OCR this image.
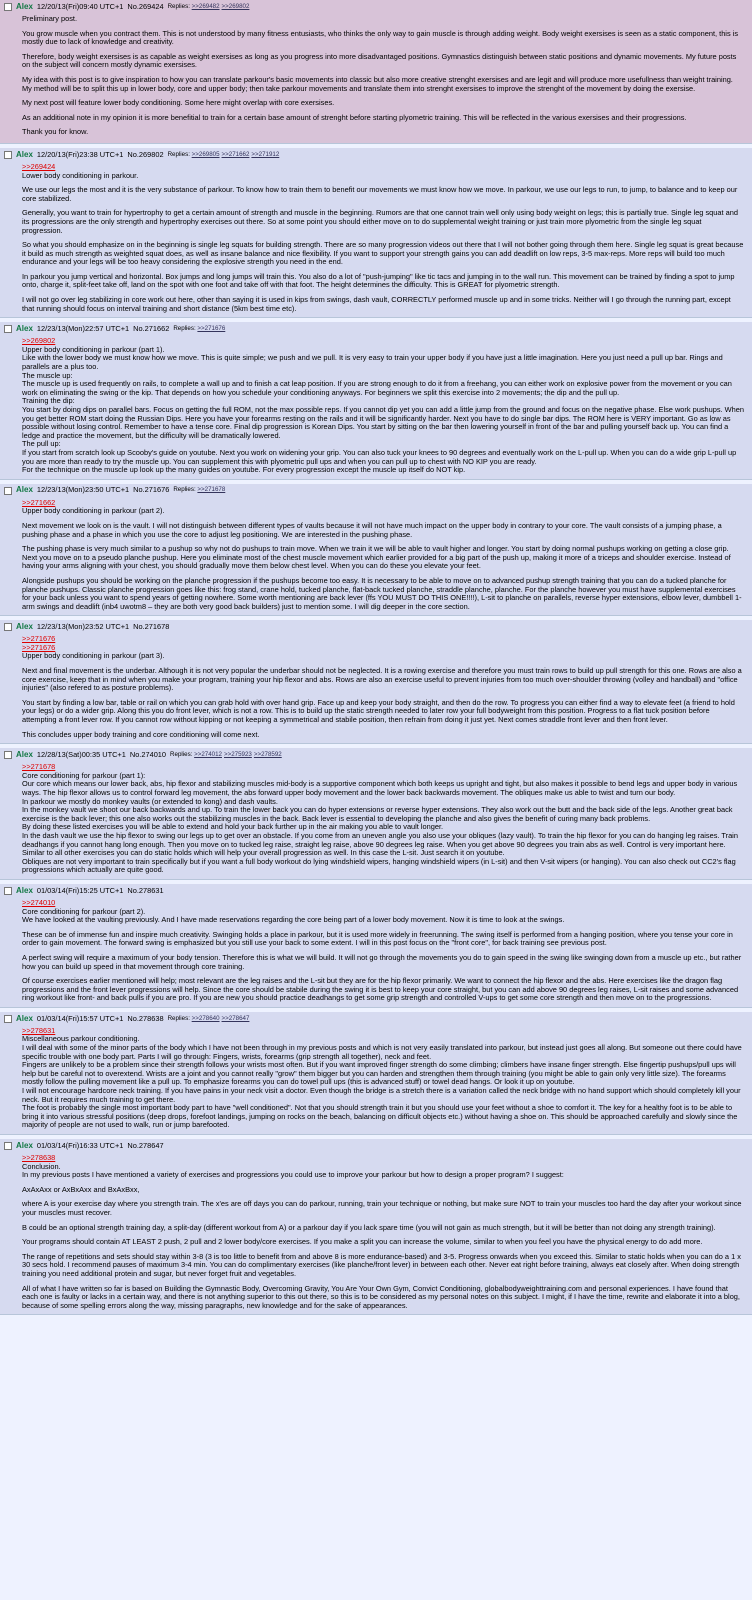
Alex 12/20/13(Fri)09:40 UTC+1 No.269424 Replies: >>269482 >>269802
Preliminary post.
You grow muscle when you contract them. This is not understood by many fitness entusiasts, who thinks the only way to gain muscle is through adding weight. Body weight exersises is seen as a static component, this is mostly due to lack of knowledge and creativity.
Therefore, body weight exersises is as capable as weight exersises as long as you progress into more disadvantaged positions. Gymnastics distinguish between static positions and dynamic movements. My future posts on the subject will concern mostly dynamic exersises.
My idea with this post is to give inspiration to how you can translate parkour's basic movements into classic but also more creative strenght exersises and are legit and will produce more usefullness than weight training. My method will be to split this up in lower body, core and upper body; then take parkour movements and translate them into strenght exersises to improve the strenght of the movement by doing the exersise.
My next post will feature lower body conditioning. Some here might overlap with core exersises.
As an additional note in my opinion it is more benefitial to train for a certain base amount of strenght before starting plyometric training. This will be reflected in the various exersises and their progressions.
Thank you for know.
Alex 12/20/13(Fri)23:38 UTC+1 No.269802 Replies: >>269805 >>271662 >>271912
>>269424
Lower body conditioning in parkour.
We use our legs the most and it is the very substance of parkour. To know how to train them to benefit our movements we must know how we move. In parkour, we use our legs to run, to jump, to balance and to keep our core stabilized.
Generally, you want to train for hypertrophy to get a certain amount of strength and muscle in the beginning. Rumors are that one cannot train well only using body weight on legs; this is partially true. Single leg squat and its progressions are the only strength and hypertrophy exercises out there. So at some point you should either move on to do supplemental weight training or just train more plyometric from the single leg squat progression.
So what you should emphasize on in the beginning is single leg squats for building strength. There are so many progression videos out there that I will not bother going through them here. Single leg squat is great because it build as much strength as weighted squat does, as well as insane balance and nice flexibility. If you want to support your strength gains you can add deadlift on low reps, 3-5 max-reps. More reps will build too much endurance and your legs will be too heavy considering the explosive strength you need in the end.
In parkour you jump vertical and horizontal. Box jumps and long jumps will train this. You also do a lot of "push-jumping" like tic tacs and jumping in to the wall run. This movement can be trained by finding a spot to jump onto, charge it, split-feet take off, land on the spot with one foot and take off with that foot. The height determines the difficulty. This is GREAT for plyometric strength.
I will not go over leg stabilizing in core work out here, other than saying it is used in kips from swings, dash vault, CORRECTLY performed muscle up and in some tricks. Neither will I go through the running part, except that running should focus on interval training and short distance (5km best time etc).
Alex 12/23/13(Mon)22:57 UTC+1 No.271662 Replies: >>271676
>>269802
Upper body conditioning in parkour (part 1).
Like with the lower body we must know how we move. This is quite simple; we push and we pull. It is very easy to train your upper body if you have just a little imagination. Here you just need a pull up bar. Rings and parallels are a plus too.
The muscle up:
The muscle up is used frequently on rails, to complete a wall up and to finish a cat leap position. If you are strong enough to do it from a freehang, you can either work on explosive power from the movement or you can work on eliminating the swing or the kip. That depends on how you schedule your conditioning anyways. For beginners we split this exercise into 2 movements; the dip and the pull up.
Training the dip:
You start by doing dips on parallel bars. Focus on getting the full ROM, not the max possible reps. If you cannot dip yet you can add a little jump from the ground and focus on the negative phase. Else work pushups. When you get better ROM start doing the Russian Dips. Here you have your forearms resting on the rails and it will be significantly harder. Next you have to do single bar dips. The ROM here is VERY important. Go as low as possible without losing control. Remember to have a tense core. Final dip progression is Korean Dips. You start by sitting on the bar then lowering yourself in front of the bar and pulling yourself back up. You can find a ledge and practice the movement, but the difficulty will be dramatically lowered.
The pull up:
If you start from scratch look up Scooby's guide on youtube. Next you work on widening your grip. You can also tuck your knees to 90 degrees and eventually work on the L-pull up. When you can do a wide grip L-pull up you are more than ready to try the muscle up. You can supplement this with plyometric pull ups and when you can pull up to chest with NO KIP you are ready.
For the technique on the muscle up look up the many guides on youtube. For every progression except the muscle up itself do NOT kip.
Alex 12/23/13(Mon)23:50 UTC+1 No.271676 Replies: >>271678
>>271662
Upper body conditioning in parkour (part 2).
Next movement we look on is the vault. I will not distinguish between different types of vaults because it will not have much impact on the upper body in contrary to your core. The vault consists of a jumping phase, a pushing phase and a phase in which you use the core to adjust leg positioning. We are interested in the pushing phase.
The pushing phase is very much similar to a pushup so why not do pushups to train move. When we train it we will be able to vault higher and longer. You start by doing normal pushups working on getting a close grip. Next you move on to a pseudo planche pushup. Here you eliminate most of the chest muscle movement which earlier provided for a big part of the push up, making it more of a triceps and shoulder exercise. Instead of having your arms aligning with your chest, you should gradually move them below chest level. When you can do these you elevate your feet.
Alongside pushups you should be working on the planche progression if the pushups become too easy. It is necessary to be able to move on to advanced pushup strength training that you can do a tucked planche for planche pushups. Classic planche progression goes like this: frog stand, crane hold, tucked planche, flat-back tucked planche, straddle planche, planche. For the planche however you must have supplemental exercises for your back unless you want to spend years of getting nowhere. Some worth mentioning are back lever (ffs YOU MUST DO THIS ONE!!!!), L-sit to planche on parallels, reverse hyper extensions, elbow lever, dumbbell 1-arm swings and deadlift (inb4 uwotm8 – they are both very good back builders) just to mention some. I will dig deeper in the core section.
Alex 12/23/13(Mon)23:52 UTC+1 No.271678
>>271676
>>271676
Upper body conditioning in parkour (part 3).
Next and final movement is the underbar. Although it is not very popular the underbar should not be neglected. It is a rowing exercise and therefore you must train rows to build up pull strength for this one. Rows are also a core exercise, keep that in mind when you make your program, training your hip flexor and abs. Rows are also an exercise useful to prevent injuries from too much over-shoulder throwing (volley and handball) and "office injuries" (also refered to as posture problems).
You start by finding a low bar, table or rail on which you can grab hold with over hand grip. Face up and keep your body straight, and then do the row. To progress you can either find a way to elevate feet (a friend to hold your legs) or do a wider grip. Along this you do front lever, which is not a row. This is to build up the static strength needed to later row your full bodyweight from this position. Progress to a flat tuck position before attempting a front lever row. If you cannot row without kipping or not keeping a symmetrical and stabile position, then refrain from doing it just yet. Next comes straddle front lever and then front lever.
This concludes upper body training and core conditioning will come next.
Alex 12/28/13(Sat)00:35 UTC+1 No.274010 Replies: >>274012 >>275923 >>278592
>>271678
Core conditioning for parkour (part 1):
Our core which means our lower back, abs, hip flexor and stabilizing muscles mid-body is a supportive component which both keeps us upright and tight, but also makes it possible to bend legs and upper body in various ways. The hip flexor allows us to control forward leg movement, the abs forward upper body movement and the lower back backwards movement. The obliques make us able to twist and turn our body.
In parkour we mostly do monkey vaults (or extended to kong) and dash vaults.
In the monkey vault we shoot our back backwards and up. To train the lower back you can do hyper extensions or reverse hyper extensions. They also work out the butt and the back side of the legs. Another great back exercise is the back lever; this one also works out the stabilizing muscles in the back. Back lever is essential to developing the planche and also gives the benefit of curing many back problems.
By doing these listed exercises you will be able to extend and hold your back further up in the air making you able to vault longer.
In the dash vault we use the hip flexor to swing our legs up to get over an obstacle. If you come from an uneven angle you also use your obliques (lazy vault). To train the hip flexor for you can do hanging leg raises. Train deadhangs if you cannot hang long enough. Then you move on to tucked leg raise, straight leg raise, above 90 degrees leg raise. When you get above 90 degrees you train abs as well. Control is very important here. Similar to all other exercises you can do static holds which will help your overall progression as well. In this case the L-sit. Just search it on youtube.
Obliques are not very important to train specifically but if you want a full body workout do lying windshield wipers, hanging windshield wipers (in L-sit) and then V-sit wipers (or hanging). You can also check out CC2's flag progressions which actually are quite good.
Alex 01/03/14(Fri)15:25 UTC+1 No.278631
>>274010
Core conditioning for parkour (part 2).
We have looked at the vaulting previously. And I have made reservations regarding the core being part of a lower body movement. Now it is time to look at the swings.
These can be of immense fun and inspire much creativity. Swinging holds a place in parkour, but it is used more widely in freerunning. The swing itself is performed from a hanging position, where you tense your core in order to gain movement. The forward swing is emphasized but you still use your back to some extent. I will in this post focus on the "front core", for back training see previous post.
A perfect swing will require a maximum of your body tension. Therefore this is what we will build. It will not go through the movements you do to gain speed in the swing like swinging down from a muscle up etc., but rather how you can build up speed in that movement through core training.
Of course exercises earlier mentioned will help; most relevant are the leg raises and the L-sit but they are for the hip flexor primarily. We want to connect the hip flexor and the abs. Here exercises like the dragon flag progressions and the front lever progressions will help. Since the core should be stabile during the swing it is best to keep your core straight, but you can add above 90 degrees leg raises, L-sit raises and some advanced ring workout like front- and back pulls if you are pro. If you are new you should practice deadhangs to get some grip strength and controlled V-ups to get some core strength and then move on to the progressions.
Alex 01/03/14(Fri)15:57 UTC+1 No.278638 Replies: >>278640 >>278647
>>278631
Miscellaneous parkour conditioning.
I will deal with some of the minor parts of the body which I have not been through in my previous posts and which is not very easily translated into parkour, but instead just goes all along. But someone out there could have specific trouble with one body part. Parts I will go through: Fingers, wrists, forearms (grip strength all together), neck and feet.
Fingers are unlikely to be a problem since their strength follows your wrists most often. But if you want improved finger strength do some climbing; climbers have insane finger strength. Else fingertip pushups/pull ups will help but be careful not to overextend. Wrists are a joint and you cannot really "grow" them bigger but you can harden and strengthen them through training (you might be able to gain only very little size). The forearms mostly follow the pulling movement like a pull up. To emphasize forearms you can do towel pull ups (this is advanced stuff) or towel dead hangs. Or look it up on youtube.
I will not encourage hardcore neck training. If you have pains in your neck visit a doctor. Even though the bridge is a stretch there is a variation called the neck bridge with no hand support which should completely kill your neck. But it requires much training to get there.
The foot is probably the single most important body part to have "well conditioned". Not that you should strength train it but you should use your feet without a shoe to comfort it. The key for a healthy foot is to be able to bring it into various stressful positions (deep drops, forefoot landings, jumping on rocks on the beach, balancing on difficult objects etc.) without having a shoe on. This should be approached carefully and slowly since the majority of people are not used to walk, run or jump barefooted.
Alex 01/03/14(Fri)16:33 UTC+1 No.278647
>>278638
Conclusion.
In my previous posts I have mentioned a variety of exercises and progressions you could use to improve your parkour but how to design a proper program? I suggest:
AxAxAxx or AxBxAxx and BxAxBxx,
where A is your exercise day where you strength train. The x'es are off days you can do parkour, running, train your technique or nothing, but make sure NOT to train your muscles too hard the day after your workout since your muscles must recover.
B could be an optional strength training day, a split-day (different workout from A) or a parkour day if you lack spare time (you will not gain as much strength, but it will be better than not doing any strength training).
Your programs should contain AT LEAST 2 push, 2 pull and 2 lower body/core exercises. If you make a split you can increase the volume, similar to when you feel you have the physical energy to do add more.
The range of repetitions and sets should stay within 3-8 (3 is too little to benefit from and above 8 is more endurance-based) and 3-5. Progress onwards when you exceed this. Similar to static holds when you can do a 1 x 30 secs hold. I recommend pauses of maximum 3-4 min. You can do complimentary exercises (like planche/front lever) in between each other. Never eat right before training, always eat closely after. When doing strength training you need additional protein and sugar, but never forget fruit and vegetables.
All of what I have written so far is based on Building the Gymnastic Body, Overcoming Gravity, You Are Your Own Gym, Convict Conditioning, globalbodyweighttraining.com and personal experiences. I have found that each one is faulty or lacks in a certain way, and there is not anything superior to this out there, so this is to be considered as my personal notes on this subject. I might, if I have the time, rewrite and elaborate it into a blog, because of some spelling errors along the way, missing paragraphs, new knowledge and for the sake of appearances.
